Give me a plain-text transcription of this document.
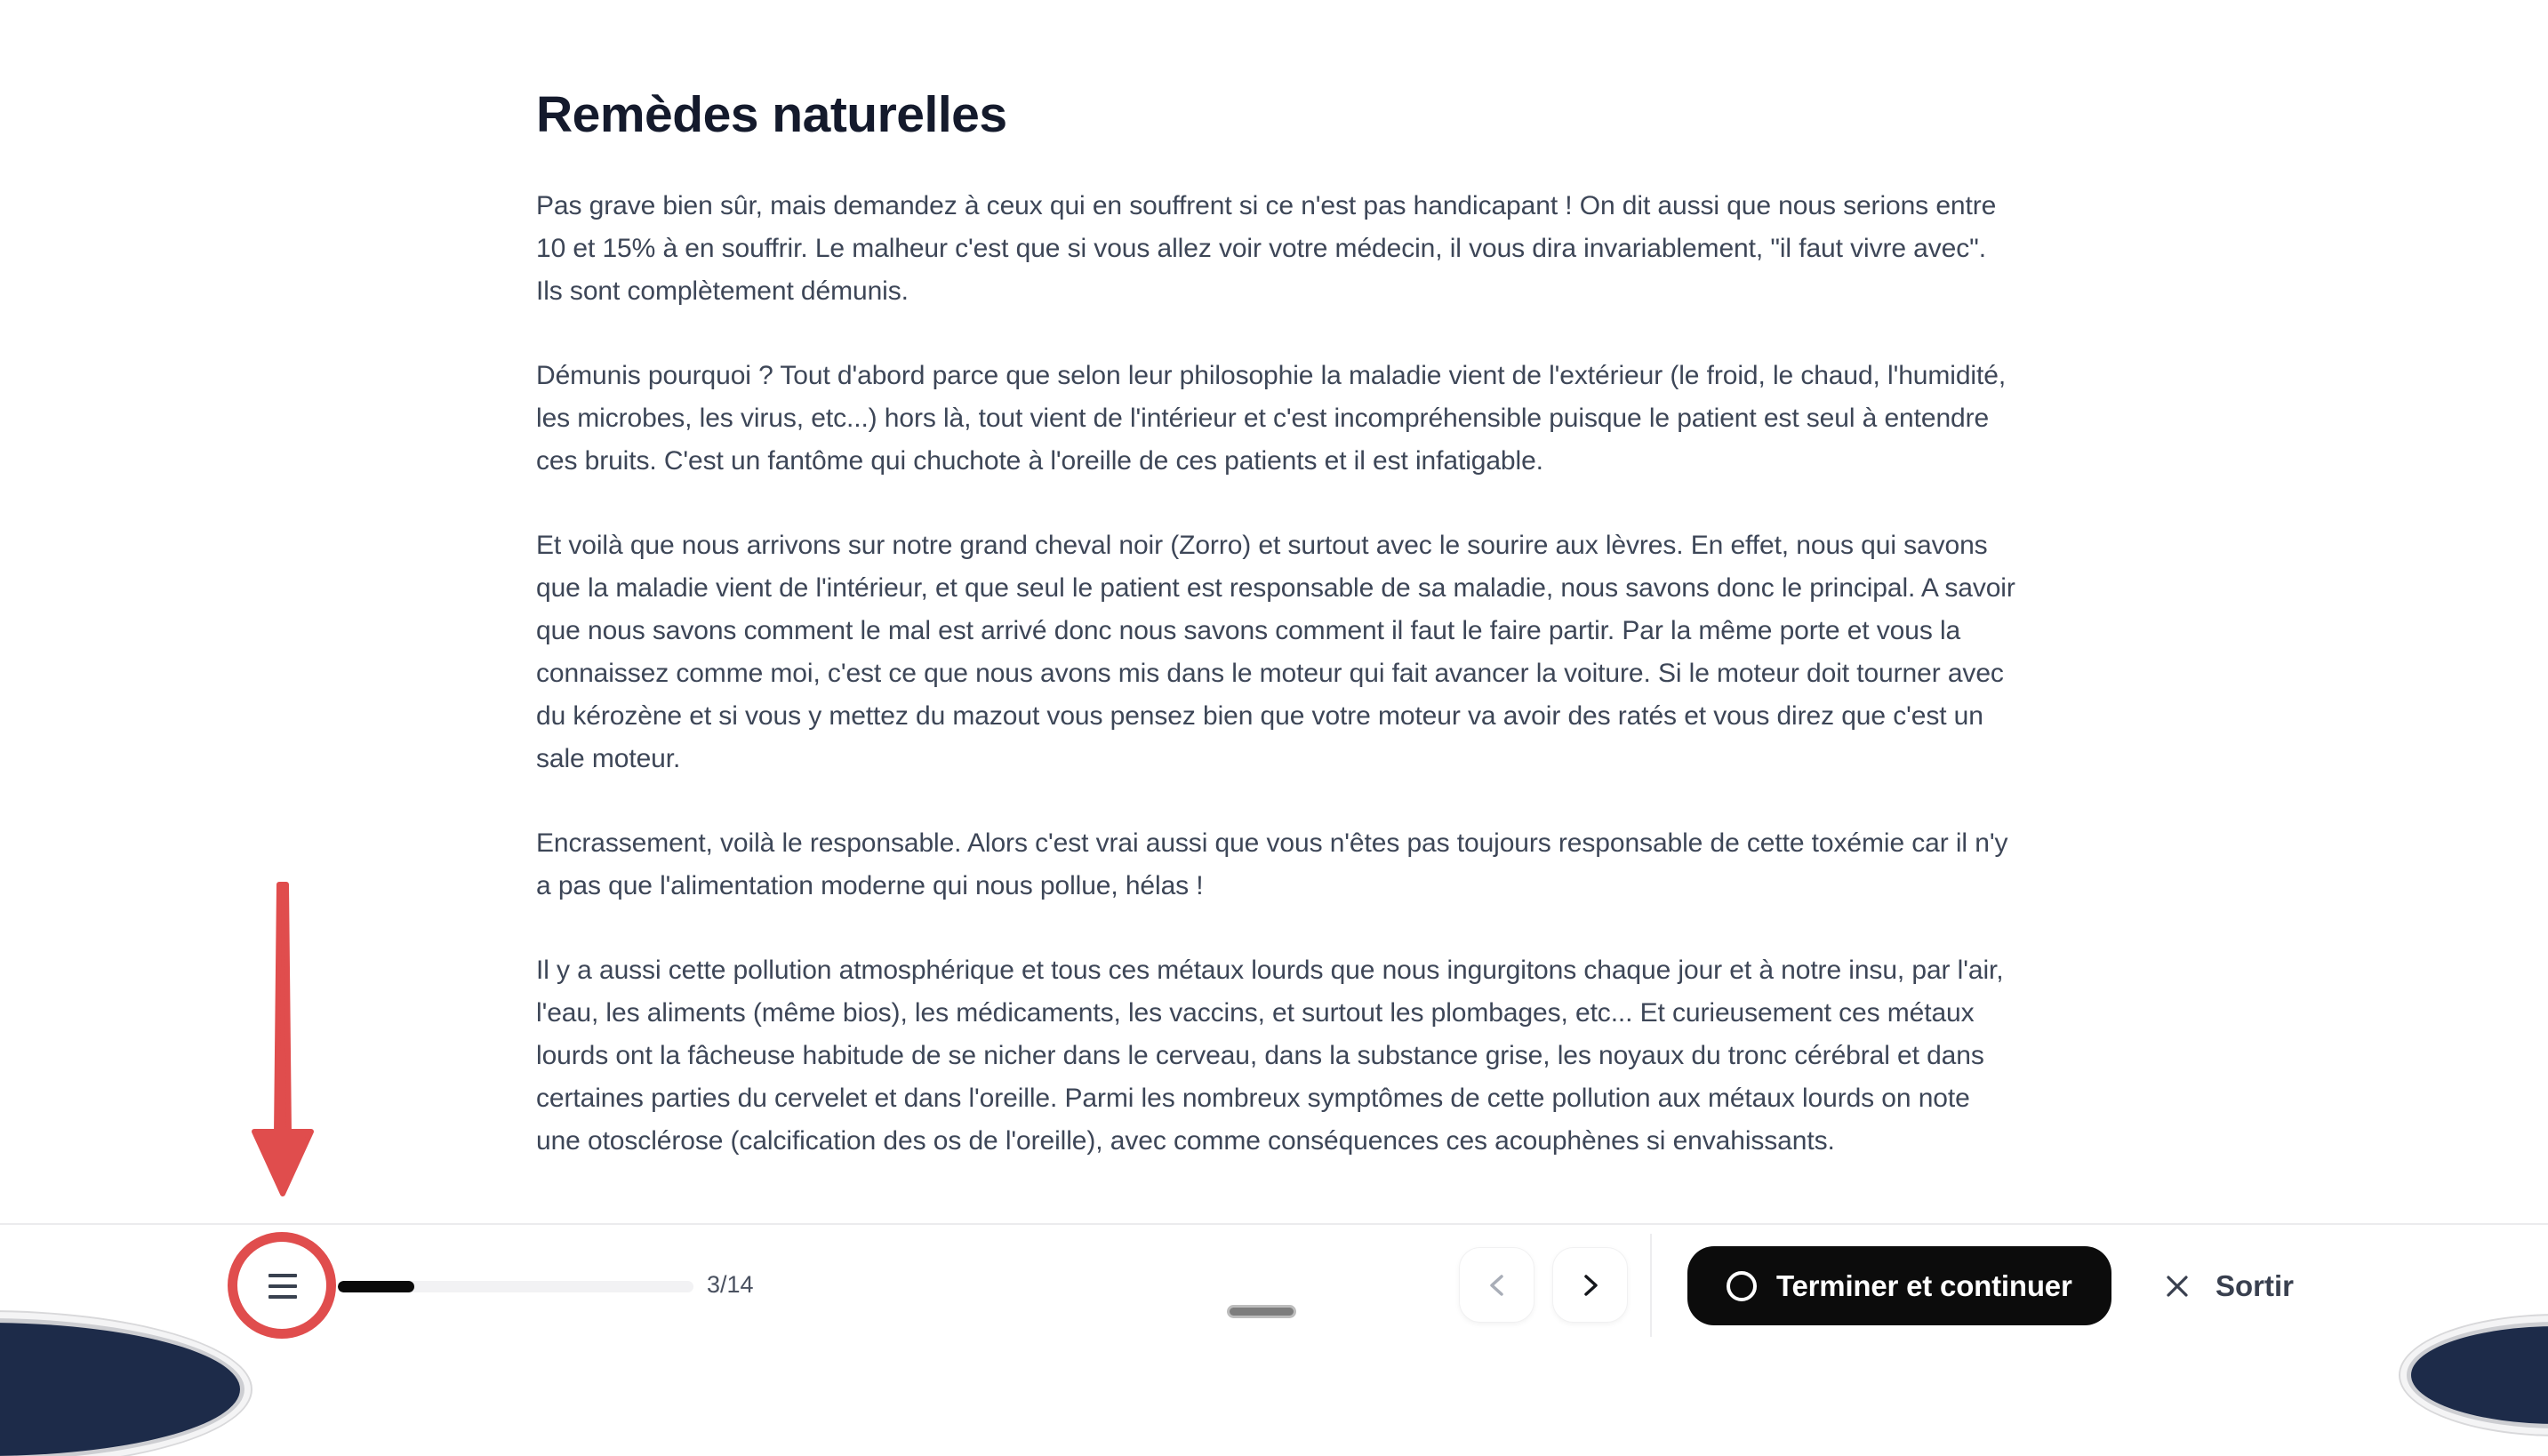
Remèdes naturelles

Pas grave bien sûr, mais demandez à ceux qui en souffrent si ce n'est pas handicapant ! On dit aussi que nous serions entre 10 et 15% à en souffrir. Le malheur c'est que si vous allez voir votre médecin, il vous dira invariablement, "il faut vivre avec". Ils sont complètement démunis.

Démunis pourquoi ? Tout d'abord parce que selon leur philosophie la maladie vient de l'extérieur (le froid, le chaud, l'humidité, les microbes, les virus, etc...) hors là, tout vient de l'intérieur et c'est incompréhensible puisque le patient est seul à entendre ces bruits. C'est un fantôme qui chuchote à l'oreille de ces patients et il est infatigable.

Et voilà que nous arrivons sur notre grand cheval noir (Zorro) et surtout avec le sourire aux lèvres. En effet, nous qui savons que la maladie vient de l'intérieur, et que seul le patient est responsable de sa maladie, nous savons donc le principal. A savoir que nous savons comment le mal est arrivé donc nous savons comment il faut le faire partir. Par la même porte et vous la connaissez comme moi, c'est ce que nous avons mis dans le moteur qui fait avancer la voiture. Si le moteur doit tourner avec du kérozène et si vous y mettez du mazout vous pensez bien que votre moteur va avoir des ratés et vous direz que c'est un sale moteur.

Encrassement, voilà le responsable. Alors c'est vrai aussi que vous n'êtes pas toujours responsable de cette toxémie car il n'y a pas que l'alimentation moderne qui nous pollue, hélas !

Il y a aussi cette pollution atmosphérique et tous ces métaux lourds que nous ingurgitons chaque jour et à notre insu, par l'air, l'eau, les aliments (même bios), les médicaments, les vaccins, et surtout les plombages, etc... Et curieusement ces métaux lourds ont la fâcheuse habitude de se nicher dans le cerveau, dans la substance grise, les noyaux du tronc cérébral et dans certaines parties du cervelet et dans l'oreille. Parmi les nombreux symptômes de cette pollution aux métaux lourds on note une otosclérose (calcification des os de l'oreille), avec comme conséquences ces acouphènes si envahissants.

3/14	Terminer et continuer	Sortir
